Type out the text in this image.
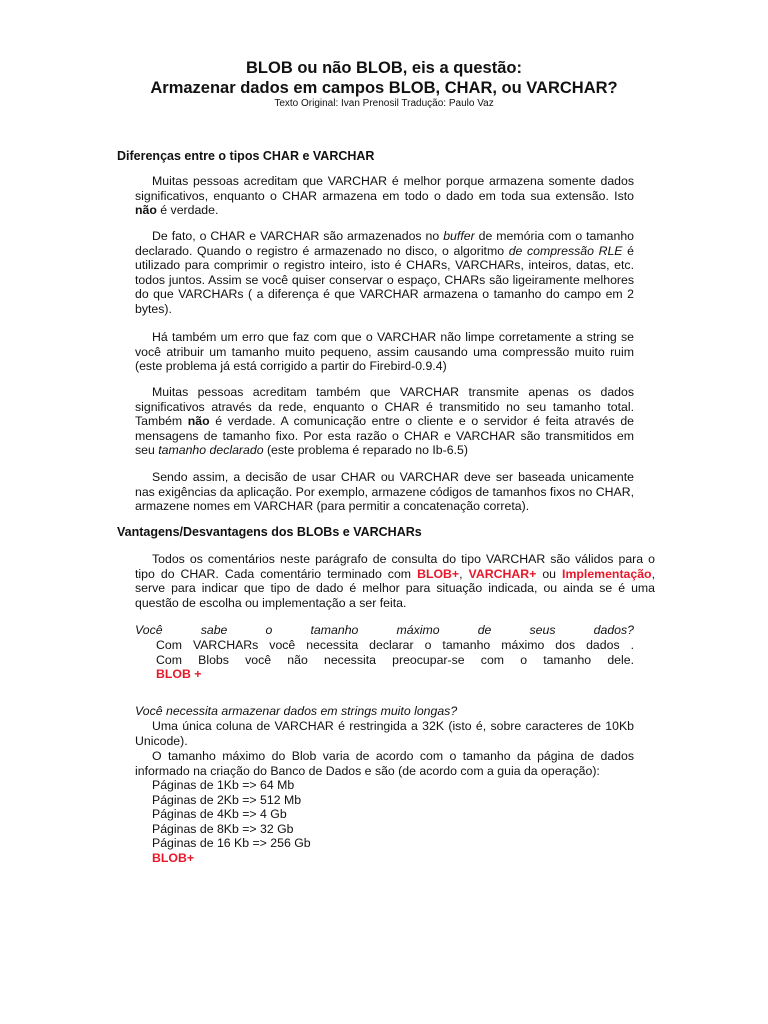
BLOB ou não BLOB, eis a questão:
Armazenar dados em campos BLOB, CHAR, ou VARCHAR?
Texto Original: Ivan Prenosil Tradução: Paulo Vaz
Diferenças entre o tipos CHAR e VARCHAR
Muitas pessoas acreditam que VARCHAR é melhor porque armazena somente dados significativos, enquanto o CHAR armazena em todo o dado em toda sua extensão. Isto não é verdade.
De fato, o CHAR e VARCHAR são armazenados no buffer de memória com o tamanho declarado. Quando o registro é armazenado no disco, o algoritmo de compressão RLE é utilizado para comprimir o registro inteiro, isto é CHARs, VARCHARs, inteiros, datas, etc. todos juntos. Assim se você quiser conservar o espaço, CHARs são ligeiramente melhores do que VARCHARs ( a diferença é que VARCHAR armazena o tamanho do campo em 2 bytes).
Há também um erro que faz com que o VARCHAR não limpe corretamente a string se você atribuir um tamanho muito pequeno, assim causando uma compressão muito ruim (este problema já está corrigido a partir do Firebird-0.9.4)
Muitas pessoas acreditam também que VARCHAR transmite apenas os dados significativos através da rede, enquanto o CHAR é transmitido no seu tamanho total. Também não é verdade. A comunicação entre o cliente e o servidor é feita através de mensagens de tamanho fixo. Por esta razão o CHAR e VARCHAR são transmitidos em seu tamanho declarado (este problema é reparado no Ib-6.5)
Sendo assim, a decisão de usar CHAR ou VARCHAR deve ser baseada unicamente nas exigências da aplicação. Por exemplo, armazene códigos de tamanhos fixos no CHAR, armazene nomes em VARCHAR (para permitir a concatenação correta).
Vantagens/Desvantagens dos BLOBs e VARCHARs
Todos os comentários neste parágrafo de consulta do tipo VARCHAR são válidos para o tipo do CHAR. Cada comentário terminado com BLOB+, VARCHAR+ ou Implementação, serve para indicar que tipo de dado é melhor para situação indicada, ou ainda se é uma questão de escolha ou implementação a ser feita.
Você sabe o tamanho máximo de seus dados?
Com VARCHARs você necessita declarar o tamanho máximo dos dados .
Com Blobs você não necessita preocupar-se com o tamanho dele.
BLOB +
Você necessita armazenar dados em strings muito longas?
Uma única coluna de VARCHAR é restringida a 32K (isto é, sobre caracteres de 10Kb Unicode).
O tamanho máximo do Blob varia de acordo com o tamanho da página de dados informado na criação do Banco de Dados e são (de acordo com a guia da operação):
Páginas de 1Kb => 64 Mb
Páginas de 2Kb => 512 Mb
Páginas de 4Kb => 4 Gb
Páginas de 8Kb => 32 Gb
Páginas de 16 Kb => 256 Gb
BLOB+
